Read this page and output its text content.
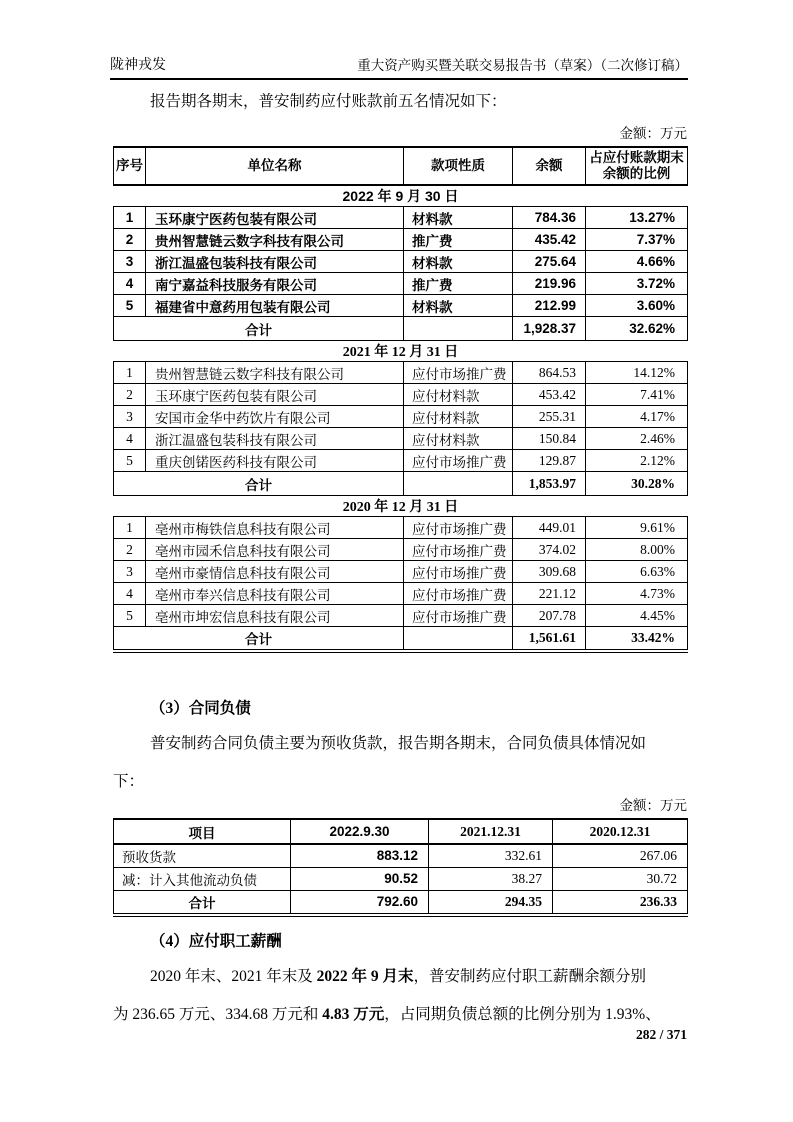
陇神戎发	重大资产购买暨关联交易报告书（草案）（二次修订稿）
报告期各期末，普安制药应付账款前五名情况如下：
金额：万元
序号	单位名称	款项性质	余额	占应付账款期末余额的比例
2022 年 9 月 30 日				
1	玉环康宁医药包装有限公司	材料款	784.36	13.27%
2	贵州智慧链云数字科技有限公司	推广费	435.42	7.37%
3	浙江温盛包装科技有限公司	材料款	275.64	4.66%
4	南宁嘉益科技服务有限公司	推广费	219.96	3.72%
5	福建省中意药用包装有限公司	材料款	212.99	3.60%
合计			1,928.37	32.62%
2021 年 12 月 31 日				
1	贵州智慧链云数字科技有限公司	应付市场推广费	864.53	14.12%
2	玉环康宁医药包装有限公司	应付材料款	453.42	7.41%
3	安国市金华中药饮片有限公司	应付材料款	255.31	4.17%
4	浙江温盛包装科技有限公司	应付材料款	150.84	2.46%
5	重庆创锘医药科技有限公司	应付市场推广费	129.87	2.12%
合计			1,853.97	30.28%
2020 年 12 月 31 日				
1	亳州市梅铁信息科技有限公司	应付市场推广费	449.01	9.61%
2	亳州市园禾信息科技有限公司	应付市场推广费	374.02	8.00%
3	亳州市豪情信息科技有限公司	应付市场推广费	309.68	6.63%
4	亳州市奉兴信息科技有限公司	应付市场推广费	221.12	4.73%
5	亳州市坤宏信息科技有限公司	应付市场推广费	207.78	4.45%
合计			1,561.61	33.42%
（3）合同负债
普安制药合同负债主要为预收货款，报告期各期末，合同负债具体情况如
下：
金额：万元
项目	2022.9.30	2021.12.31	2020.12.31
预收货款	883.12	332.61	267.06
减：计入其他流动负债	90.52	38.27	30.72
合计	792.60	294.35	236.33
（4）应付职工薪酬
2020 年末、2021 年末及 2022 年 9 月末，普安制药应付职工薪酬余额分别
为 236.65 万元、334.68 万元和 4.83 万元，占同期负债总额的比例分别为 1.93%、
282 / 371
